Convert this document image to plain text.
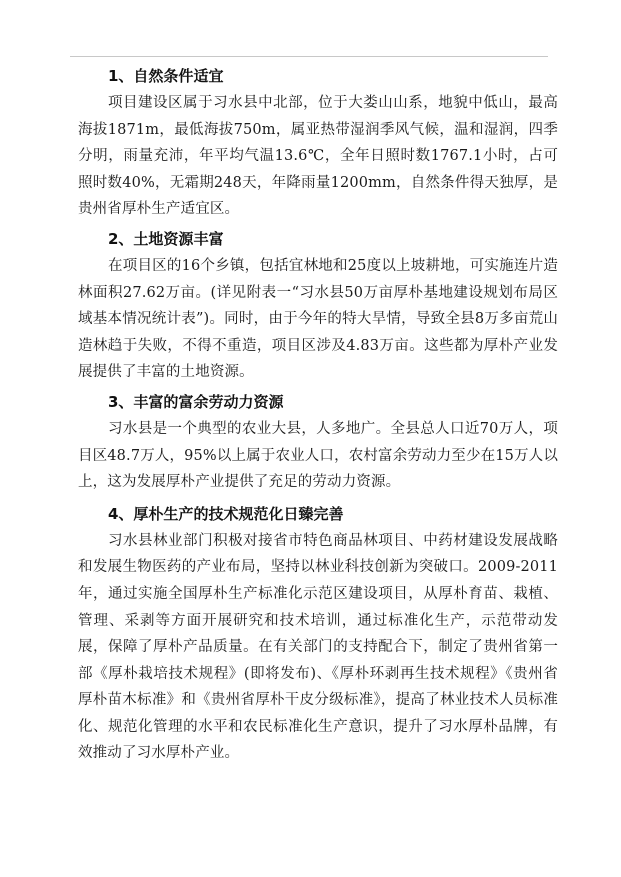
1、自然条件适宜

项目建设区属于习水县中北部，位于大娄山山系，地貌中低山，最高海拔1871m，最低海拔750m，属亚热带湿润季风气候，温和湿润，四季分明，雨量充沛，年平均气温13.6℃，全年日照时数1767.1小时，占可照时数40%，无霜期248天，年降雨量1200mm，自然条件得天独厚，是贵州省厚朴生产适宜区。

2、土地资源丰富

在项目区的16个乡镇，包括宜林地和25度以上坡耕地，可实施连片造林面积27.62万亩。(详见附表一“习水县50万亩厚朴基地建设规划布局区域基本情况统计表”)。同时，由于今年的特大旱情，导致全县8万多亩荒山造林趋于失败，不得不重造，项目区涉及4.83万亩。这些都为厚朴产业发展提供了丰富的土地资源。

3、丰富的富余劳动力资源

习水县是一个典型的农业大县，人多地广。全县总人口近70万人，项目区48.7万人，95%以上属于农业人口，农村富余劳动力至少在15万人以上，这为发展厚朴产业提供了充足的劳动力资源。

4、厚朴生产的技术规范化日臻完善

习水县林业部门积极对接省市特色商品林项目、中药材建设发展战略和发展生物医药的产业布局，坚持以林业科技创新为突破口。2009-2011年，通过实施全国厚朴生产标准化示范区建设项目，从厚朴育苗、栽植、管理、采剥等方面开展研究和技术培训，通过标准化生产，示范带动发展，保障了厚朴产品质量。在有关部门的支持配合下，制定了贵州省第一部《厚朴栽培技术规程》(即将发布)、《厚朴环剥再生技术规程》《贵州省厚朴苗木标准》和《贵州省厚朴干皮分级标准》，提高了林业技术人员标准化、规范化管理的水平和农民标准化生产意识，提升了习水厚朴品牌，有效推动了习水厚朴产业。
